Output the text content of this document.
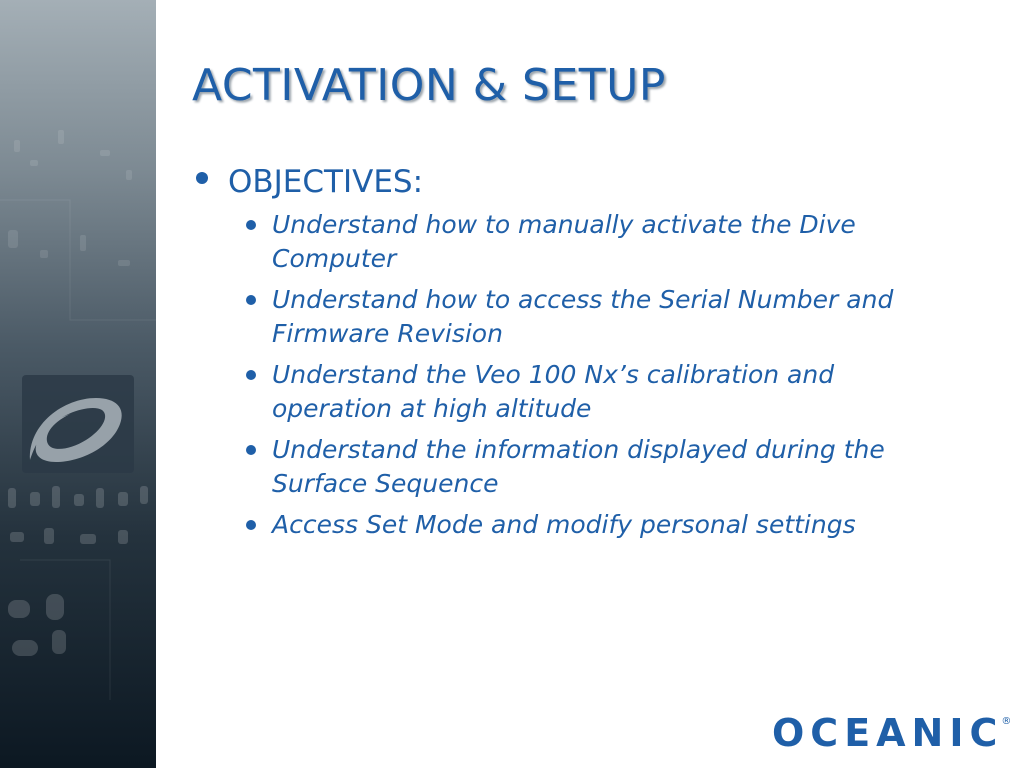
ACTIVATION & SETUP
OBJECTIVES:
Understand how to manually activate the Dive Computer
Understand how to access the Serial Number and Firmware Revision
Understand the Veo 100 Nx’s calibration and operation at high altitude
Understand the information displayed during the Surface Sequence
Access Set Mode and modify personal settings
OCEANIC
®
